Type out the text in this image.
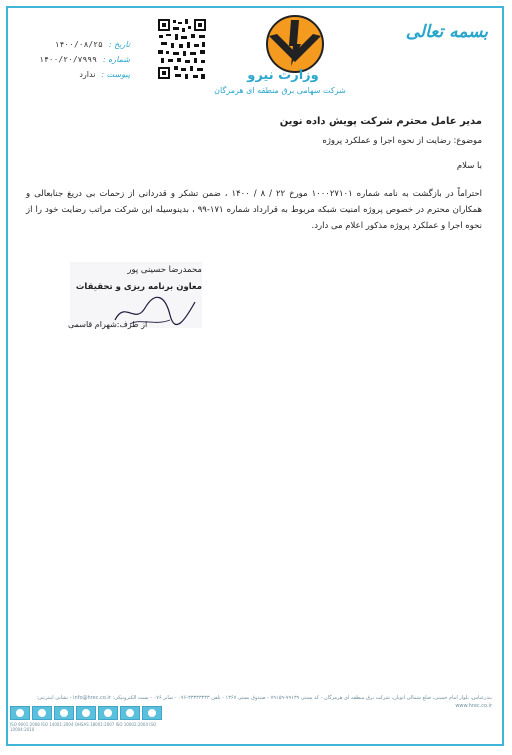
بسمه تعالی
وزارت نیرو
شرکت سهامی برق منطقه ای هرمزگان
تاریخ :
۱۴۰۰/۰۸/۲۵
شماره :
۱۴۰۰/۲۰/۷۹۹۹
پیوست :
ندارد
مدیر عامل محترم شرکت پویش داده نوین
موضوع: رضایت از نحوه اجرا و عملکرد پروژه
با سلام
احتراماً در بازگشت به نامه شماره ۱۰۰۰۲۷۱۰۱ مورخ ۲۲ / ۸ / ۱۴۰۰ ، ضمن تشکر و قدردانی از زحمات بی دریغ جنابعالی و همکاران محترم در خصوص پروژه امنیت شبکه مربوط به قرارداد شماره ۱۷۱-۹۹ ، بدینوسیله این شرکت مراتب رضایت خود را از نحوه اجرا و عملکرد پروژه مذکور اعلام می دارد.
محمدرضا حسینی پور
معاون برنامه ریزی و تحقیقات
از طرف:شهرام قاسمی
بندرعباس، بلوار امام خمینی، ضلع شمالی اتوبان، شرکت برق منطقه ای هرمزگان - کد پستی ۷۹۱۳۹-۷۹۱۵۹ - صندوق پستی ۱۳۶۷ - تلفن ۳۳۳۳۳۳۳۳-۰۷۶ - نمابر ۰۷۶ - پست الکترونیکی: info@hrec.co.ir - نشانی اینترنتی: www.hrec.co.ir
ISO 9001:2008 ISO 14001:2004 OHSAS 18001:2007 ISO 10002:2004 ISO 10004:2010
